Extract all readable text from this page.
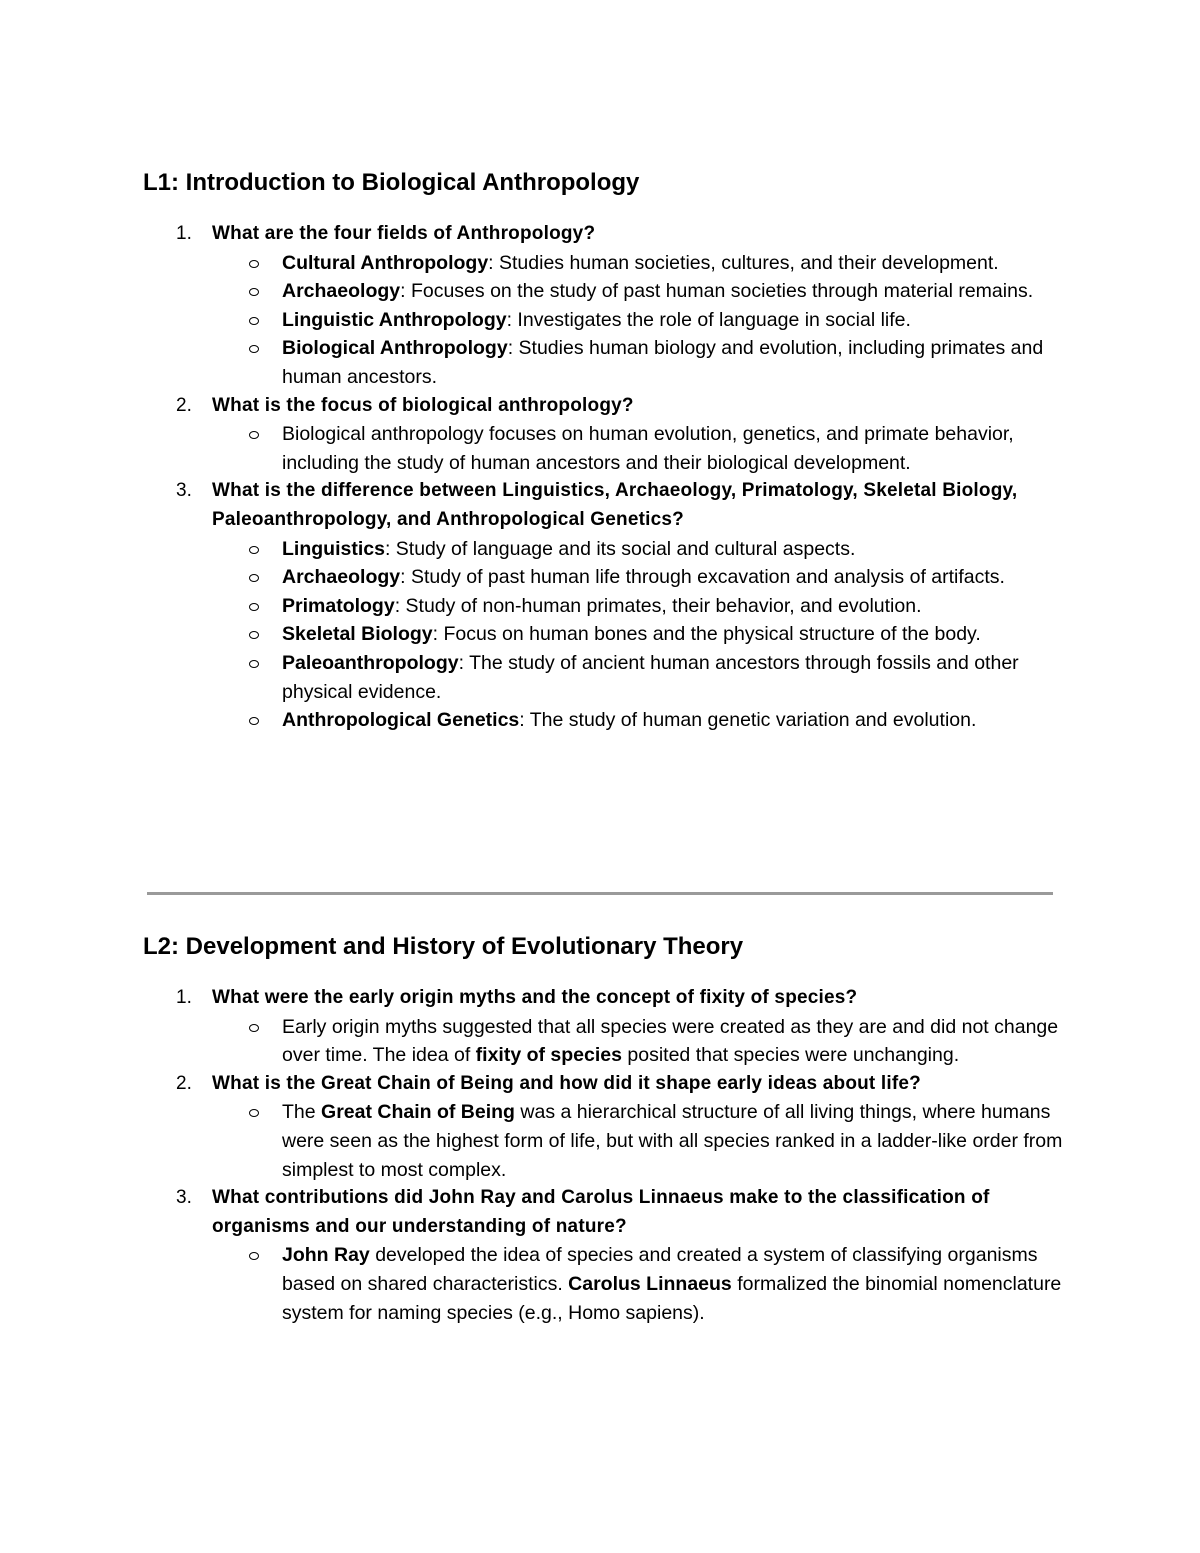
L1: Introduction to Biological Anthropology
1. What are the four fields of Anthropology?
Cultural Anthropology: Studies human societies, cultures, and their development.
Archaeology: Focuses on the study of past human societies through material remains.
Linguistic Anthropology: Investigates the role of language in social life.
Biological Anthropology: Studies human biology and evolution, including primates and human ancestors.
2. What is the focus of biological anthropology?
Biological anthropology focuses on human evolution, genetics, and primate behavior, including the study of human ancestors and their biological development.
3. What is the difference between Linguistics, Archaeology, Primatology, Skeletal Biology, Paleoanthropology, and Anthropological Genetics?
Linguistics: Study of language and its social and cultural aspects.
Archaeology: Study of past human life through excavation and analysis of artifacts.
Primatology: Study of non-human primates, their behavior, and evolution.
Skeletal Biology: Focus on human bones and the physical structure of the body.
Paleoanthropology: The study of ancient human ancestors through fossils and other physical evidence.
Anthropological Genetics: The study of human genetic variation and evolution.
L2: Development and History of Evolutionary Theory
1. What were the early origin myths and the concept of fixity of species?
Early origin myths suggested that all species were created as they are and did not change over time. The idea of fixity of species posited that species were unchanging.
2. What is the Great Chain of Being and how did it shape early ideas about life?
The Great Chain of Being was a hierarchical structure of all living things, where humans were seen as the highest form of life, but with all species ranked in a ladder-like order from simplest to most complex.
3. What contributions did John Ray and Carolus Linnaeus make to the classification of organisms and our understanding of nature?
John Ray developed the idea of species and created a system of classifying organisms based on shared characteristics. Carolus Linnaeus formalized the binomial nomenclature system for naming species (e.g., Homo sapiens).
